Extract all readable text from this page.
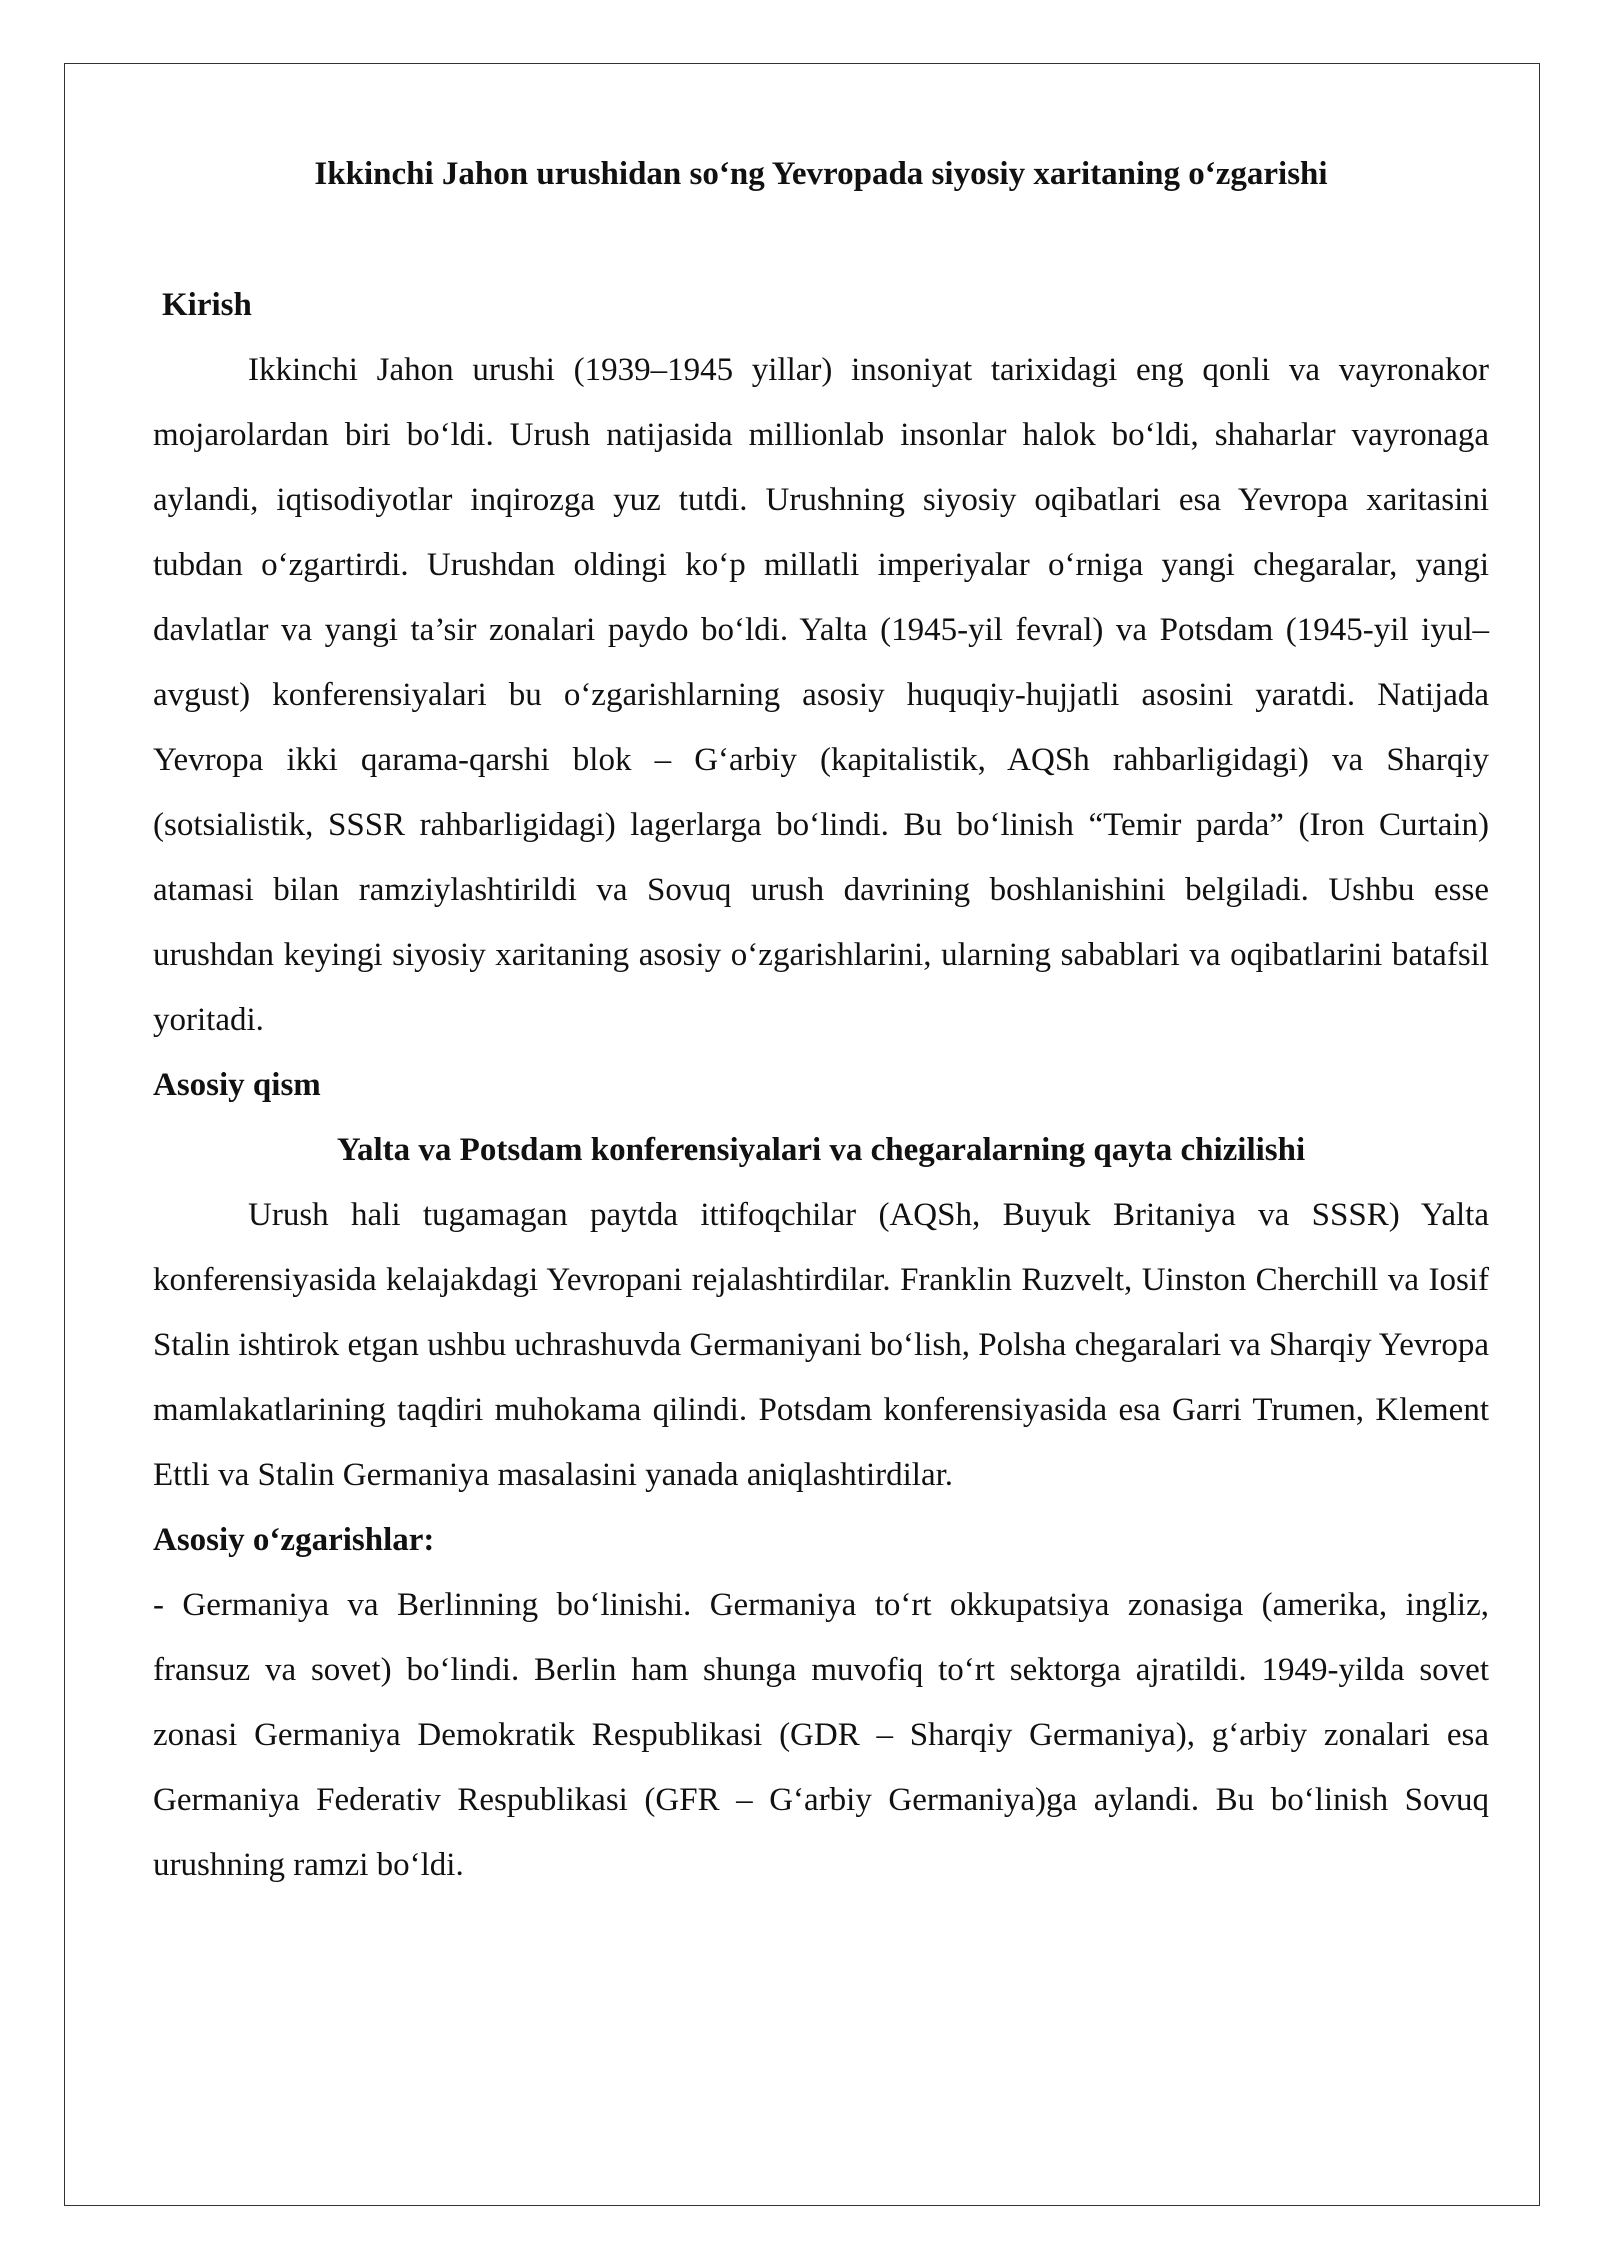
Ikkinchi Jahon urushidan so‘ng Yevropada siyosiy xaritaning o‘zgarishi

Kirish

Ikkinchi Jahon urushi (1939–1945 yillar) insoniyat tarixidagi eng qonli va vayronakor mojarolardan biri bo‘ldi. Urush natijasida millionlab insonlar halok bo‘ldi, shaharlar vayronaga aylandi, iqtisodiyotlar inqirozga yuz tutdi. Urushning siyosiy oqibatlari esa Yevropa xaritasini tubdan o‘zgartirdi. Urushdan oldingi ko‘p millatli imperiyalar o‘rniga yangi chegaralar, yangi davlatlar va yangi ta’sir zonalari paydo bo‘ldi. Yalta (1945-yil fevral) va Potsdam (1945-yil iyul–avgust) konferensiyalari bu o‘zgarishlarning asosiy huquqiy-hujjatli asosini yaratdi. Natijada Yevropa ikki qarama-qarshi blok – G‘arbiy (kapitalistik, AQSh rahbarligidagi) va Sharqiy (sotsialistik, SSSR rahbarligidagi) lagerlarga bo‘lindi. Bu bo‘linish “Temir parda” (Iron Curtain) atamasi bilan ramziylashtirildi va Sovuq urush davrining boshlanishini belgiladi. Ushbu esse urushdan keyingi siyosiy xaritaning asosiy o‘zgarishlarini, ularning sabablari va oqibatlarini batafsil yoritadi.

Asosiy qism

Yalta va Potsdam konferensiyalari va chegaralarning qayta chizilishi

Urush hali tugamagan paytda ittifoqchilar (AQSh, Buyuk Britaniya va SSSR) Yalta konferensiyasida kelajakdagi Yevropani rejalashtirdilar. Franklin Ruzvelt, Uinston Cherchill va Iosif Stalin ishtirok etgan ushbu uchrashuvda Germaniyani bo‘lish, Polsha chegaralari va Sharqiy Yevropa mamlakatlarining taqdiri muhokama qilindi. Potsdam konferensiyasida esa Garri Trumen, Klement Ettli va Stalin Germaniya masalasini yanada aniqlashtirdilar.

Asosiy o‘zgarishlar:

- Germaniya va Berlinning bo‘linishi. Germaniya to‘rt okkupatsiya zonasiga (amerika, ingliz, fransuz va sovet) bo‘lindi. Berlin ham shunga muvofiq to‘rt sektorga ajratildi. 1949-yilda sovet zonasi Germaniya Demokratik Respublikasi (GDR – Sharqiy Germaniya), g‘arbiy zonalari esa Germaniya Federativ Respublikasi (GFR – G‘arbiy Germaniya)ga aylandi. Bu bo‘linish Sovuq urushning ramzi bo‘ldi.
